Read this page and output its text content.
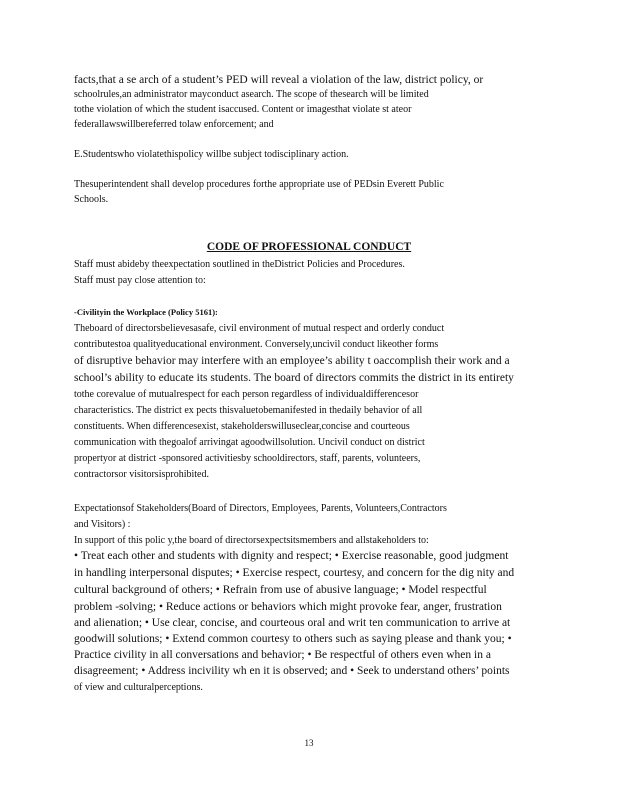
facts,that a se arch of a student’s PED will reveal a violation of the law, district policy, or
schoolrules,an administrator mayconduct asearch. The scope of thesearch will be limited
tothe violation of which the student isaccused. Content or imagesthat violate st ateor
federallawswillbereferred tolaw enforcement; and
E.Studentswho violatethispolicy willbe subject todisciplinary action.
Thesuperintendent shall develop procedures forthe appropriate use of PEDsin Everett Public
Schools.
CODE OF PROFESSIONAL CONDUCT
Staff must abideby theexpectation soutlined in theDistrict Policies and Procedures.
Staff must pay close attention to:
-Civilityin the Workplace (Policy 5161):
Theboard of directorsbelievesasafe, civil environment of mutual respect and orderly conduct
contributestoa qualityeducational environment. Conversely,uncivil conduct likeother forms
of disruptive behavior may interfere with an employee’s ability t oaccomplish their work and a
school’s ability to educate its students. The board of directors commits the district in its entirety
tothe corevalue of mutualrespect for each person regardless of individualdifferencesor
characteristics. The district ex pects thisvaluetobemanifested in thedaily behavior of all
constituents. When differencesexist, stakeholderswilluseclear,concise and courteous
communication with thegoalof arrivingat agoodwillsolution. Uncivil conduct on district
propertyor at district -sponsored activitiesby schooldirectors, staff, parents, volunteers,
contractorsor visitorsisprohibited.
Expectationsof Stakeholders(Board of Directors, Employees, Parents, Volunteers,Contractors
and Visitors) :
In support of this polic y,the board of directorsexpectsitsmembers and allstakeholders to:
• Treat each other and students with dignity and respect; • Exercise reasonable, good judgment
in handling interpersonal disputes; • Exercise respect, courtesy, and concern for the dig nity and
cultural background of others; • Refrain from use of abusive language; • Model respectful
problem -solving; • Reduce actions or behaviors which might provoke fear, anger, frustration
and alienation; • Use clear, concise, and courteous oral and writ ten communication to arrive at
goodwill solutions; • Extend common courtesy to others such as saying please and thank you; •
Practice civility in all conversations and behavior; • Be respectful of others even when in a
disagreement; • Address incivility wh en it is observed; and • Seek to understand others’ points
of view and culturalperceptions.
13
